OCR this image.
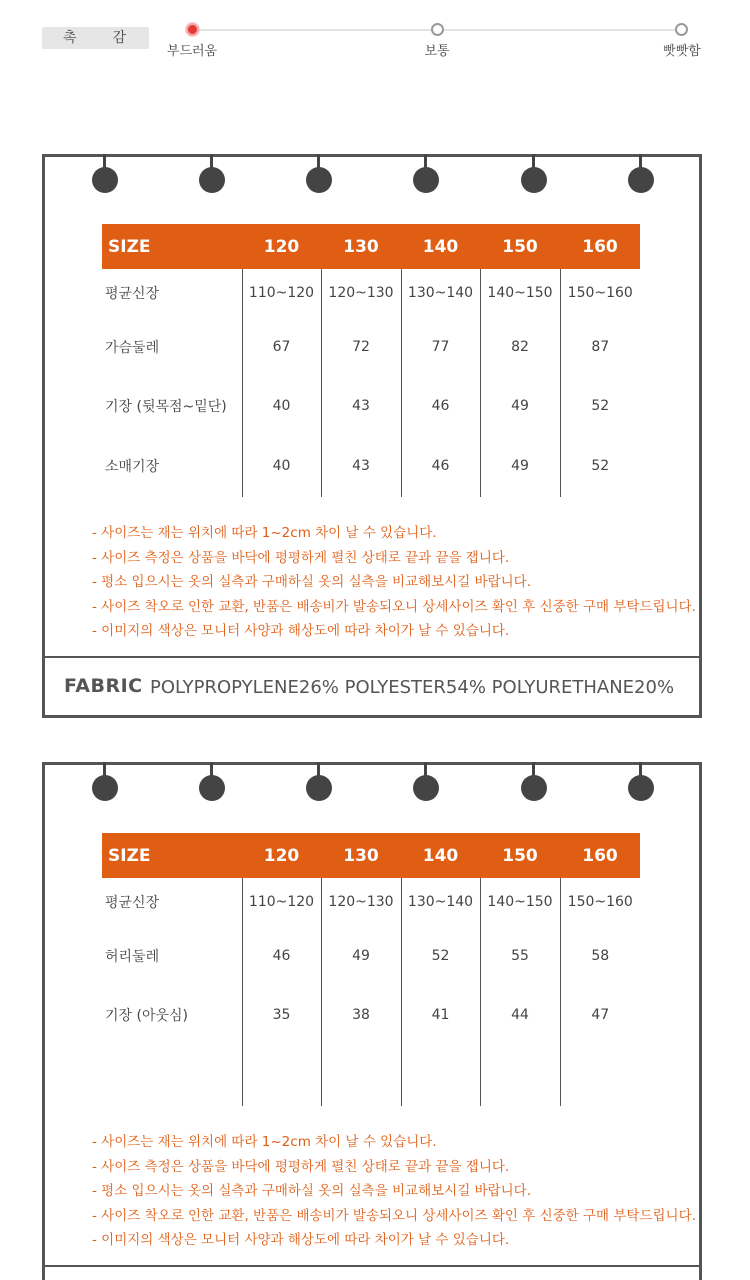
촉 감
부드러움	보통	빳빳함
SIZE	120	130	140	150	160
평균신장	110~120	120~130	130~140	140~150	150~160
가슴둘레	67	72	77	82	87
기장 (뒷목점~밑단)	40	43	46	49	52
소매기장	40	43	46	49	52
- 사이즈는 재는 위치에 따라 1~2cm 차이 날 수 있습니다.
- 사이즈 측정은 상품을 바닥에 평평하게 펼친 상태로 끝과 끝을 잽니다.
- 평소 입으시는 옷의 실측과 구매하실 옷의 실측을 비교해보시길 바랍니다.
- 사이즈 착오로 인한 교환, 반품은 배송비가 발송되오니 상세사이즈 확인 후 신중한 구매 부탁드립니다.
- 이미지의 색상은 모니터 사양과 해상도에 따라 차이가 날 수 있습니다.
FABRIC POLYPROPYLENE26% POLYESTER54% POLYURETHANE20%
SIZE	120	130	140	150	160
평균신장	110~120	120~130	130~140	140~150	150~160
허리둘레	46	49	52	55	58
기장 (아웃심)	35	38	41	44	47

- 사이즈는 재는 위치에 따라 1~2cm 차이 날 수 있습니다.
- 사이즈 측정은 상품을 바닥에 평평하게 펼친 상태로 끝과 끝을 잽니다.
- 평소 입으시는 옷의 실측과 구매하실 옷의 실측을 비교해보시길 바랍니다.
- 사이즈 착오로 인한 교환, 반품은 배송비가 발송되오니 상세사이즈 확인 후 신중한 구매 부탁드립니다.
- 이미지의 색상은 모니터 사양과 해상도에 따라 차이가 날 수 있습니다.
